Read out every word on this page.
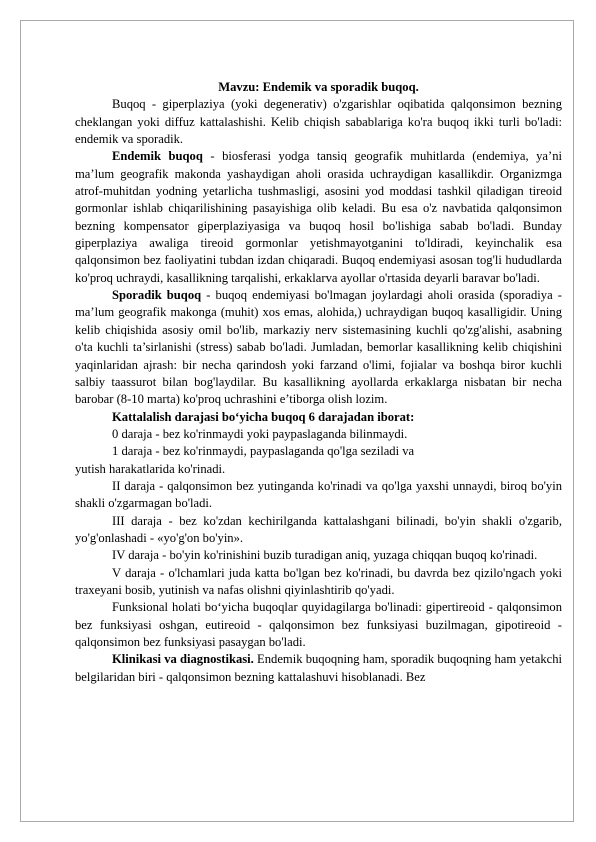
Mavzu: Endemik va sporadik buqoq.

Buqoq - giperplaziya (yoki degenerativ) o'zgarishlar oqibatida qalqonsimon bezning cheklangan yoki diffuz kattalashishi. Kelib chiqish sabablariga ko'ra buqoq ikki turli bo'ladi: endemik va sporadik.

Endemik buqoq - biosferasi yodga tansiq geografik muhitlarda (endemiya, ya’ni ma’lum geografik makonda yashaydigan aholi orasida uchraydigan kasallikdir. Organizmga atrof-muhitdan yodning yetarlicha tushmasligi, asosini yod moddasi tashkil qiladigan tireoid gormonlar ishlab chiqarilishining pasayishiga olib keladi. Bu esa o'z navbatida qalqonsimon bezning kompensator giperplaziyasiga va buqoq hosil bo'lishiga sabab bo'ladi. Bunday giperplaziya awaliga tireoid gormonlar yetishmayotganini to'ldiradi, keyinchalik esa qalqonsimon bez faoliyatini tubdan izdan chiqaradi. Buqoq endemiyasi asosan tog'li hududlarda ko'proq uchraydi, kasallikning tarqalishi, erkaklarva ayollar o'rtasida deyarli baravar bo'ladi.

Sporadik buqoq - buqoq endemiyasi bo'lmagan joylardagi aholi orasida (sporadiya - ma’lum geografik makonga (muhit) xos emas, alohida,) uchraydigan buqoq kasalligidir. Uning kelib chiqishida asosiy omil bo'lib, markaziy nerv sistemasining kuchli qo'zg'alishi, asabning o'ta kuchli ta’sirlanishi (stress) sabab bo'ladi. Jumladan, bemorlar kasallikning kelib chiqishini yaqinlaridan ajrash: bir necha qarindosh yoki farzand o'limi, fojialar va boshqa biror kuchli salbiy taassurot bilan bog'laydilar. Bu kasallikning ayollarda erkaklarga nisbatan bir necha barobar (8-10 marta) ko'proq uchrashini e’tiborga olish lozim.

Kattalalish darajasi bo‘yicha buqoq 6 darajadan iborat:

0 daraja - bez ko'rinmaydi yoki paypaslaganda bilinmaydi.

1 daraja - bez ko'rinmaydi, paypaslaganda qo'lga seziladi va

yutish harakatlarida ko'rinadi.

II daraja - qalqonsimon bez yutinganda ko'rinadi va qo'lga yaxshi unnaydi, biroq bo'yin shakli o'zgarmagan bo'ladi.

III daraja - bez ko'zdan kechirilganda kattalashgani bilinadi, bo'yin shakli o'zgarib, yo'g'onlashadi - «yo'g'on bo'yin».

IV daraja - bo'yin ko'rinishini buzib turadigan aniq, yuzaga chiqqan buqoq ko'rinadi.

V daraja - o'lchamlari juda katta bo'lgan bez ko'rinadi, bu davrda bez qizilo'ngach yoki traxeyani bosib, yutinish va nafas olishni qiyinlashtirib qo'yadi.

Funksional holati bo‘yicha buqoqlar quyidagilarga bo'linadi: gipertireoid - qalqonsimon bez funksiyasi oshgan, eutireoid - qalqonsimon bez funksiyasi buzilmagan, gipotireoid - qalqonsimon bez funksiyasi pasaygan bo'ladi.

Klinikasi va diagnostikasi. Endemik buqoqning ham, sporadik buqoqning ham yetakchi belgilaridan biri - qalqonsimon bezning kattalashuvi hisoblanadi. Bez
